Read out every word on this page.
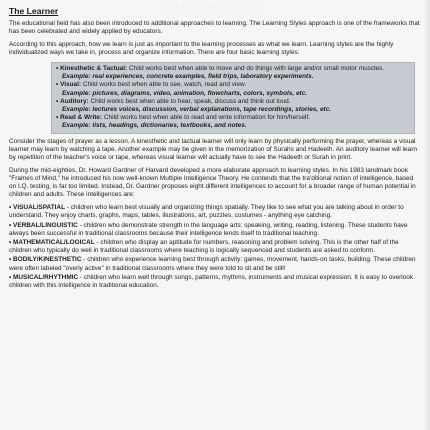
A S S E S S M E N T P L A N
The Learner

The educational field has also been introduced to additional approaches to learning. The Learning Styles approach is one of the frameworks that has been celebrated and widely applied by educators.

According to this approach, how we learn is just as important to the learning processes as what we learn. Learning styles are the highly individualized ways we take in, process and organize information. There are four basic learning styles:

• Kinesthetic & Tactual: Child works best when able to move and do things with large and/or small motor muscles.
Example: real experiences, concrete examples, field trips, laboratory experiments.
• Visual: Child works best when able to see, watch, read and view.
Example: pictures, diagrams, video, animation, flowcharts, colors, symbols, etc.
• Auditory: Child works best when able to hear, speak, discuss and think out loud.
Example: lectures voices, discussion, verbal explanations, tape recordings, stories, etc.
• Read & Write: Child works best when able to read and write information for him/herself.
Example: lists, headings, dictionaries, textbooks, and notes.

Consider the stages of prayer as a lesson. A kinesthetic and tactual learner will only learn by physically performing the prayer, whereas a visual learner may learn by watching a tape. Another example may be given in the memorization of Surahs and Hadeeth. An auditory learner will learn by repetition of the teacher's voice or tape, whereas visual learner will actually have to see the Hadeeth or Surah in print.

During the mid-eighties, Dr. Howard Gardner of Harvard developed a more elaborate approach to learning styles. In his 1983 landmark book "Frames of Mind," he introduced his now well-known Multiple Intelligence Theory. He contends that the tra'ditional notion of intelligence, based on I.Q. testing, is far too limited. Instead, Dr. Gardner proposes eight different intelligences to account for a broader range of human potential in children and adults. These intelligences are:

• VISUAL/SPATIAL - children who learn best visually and organizing things spatially. They like to see what you are talking about in order to understand. They enjoy charts, graphs, maps, tables, illustrations, art, puzzles, costumes - anything eye catching.

• VERBAL/LINGUISTIC - children who demonstrate strength in the language arts: speaking, writing, reading, listening. These students have always been successful in traditional classrooms because their intelligence lends itself to traditional teaching.

• MATHEMATICAL/LOGICAL - children who display an aptitude for numbers, reasoning and problem solving. This is the other half of the children who typically do well in traditional classrooms where teaching is logically sequenced and students are asked to conform.

• BODILY/KINESTHETIC - children who experience learning best through activity: games, movement, hands-on tasks, building. These children were often labeled "overly active" in traditional classrooms where they were told to sit and be still!

• MUSICAL/RHYTHMIC - children who learn well through songs, patterns, rhythms, instruments and musical expression. It is easy to overlook children with this intelligence in traditional education.
